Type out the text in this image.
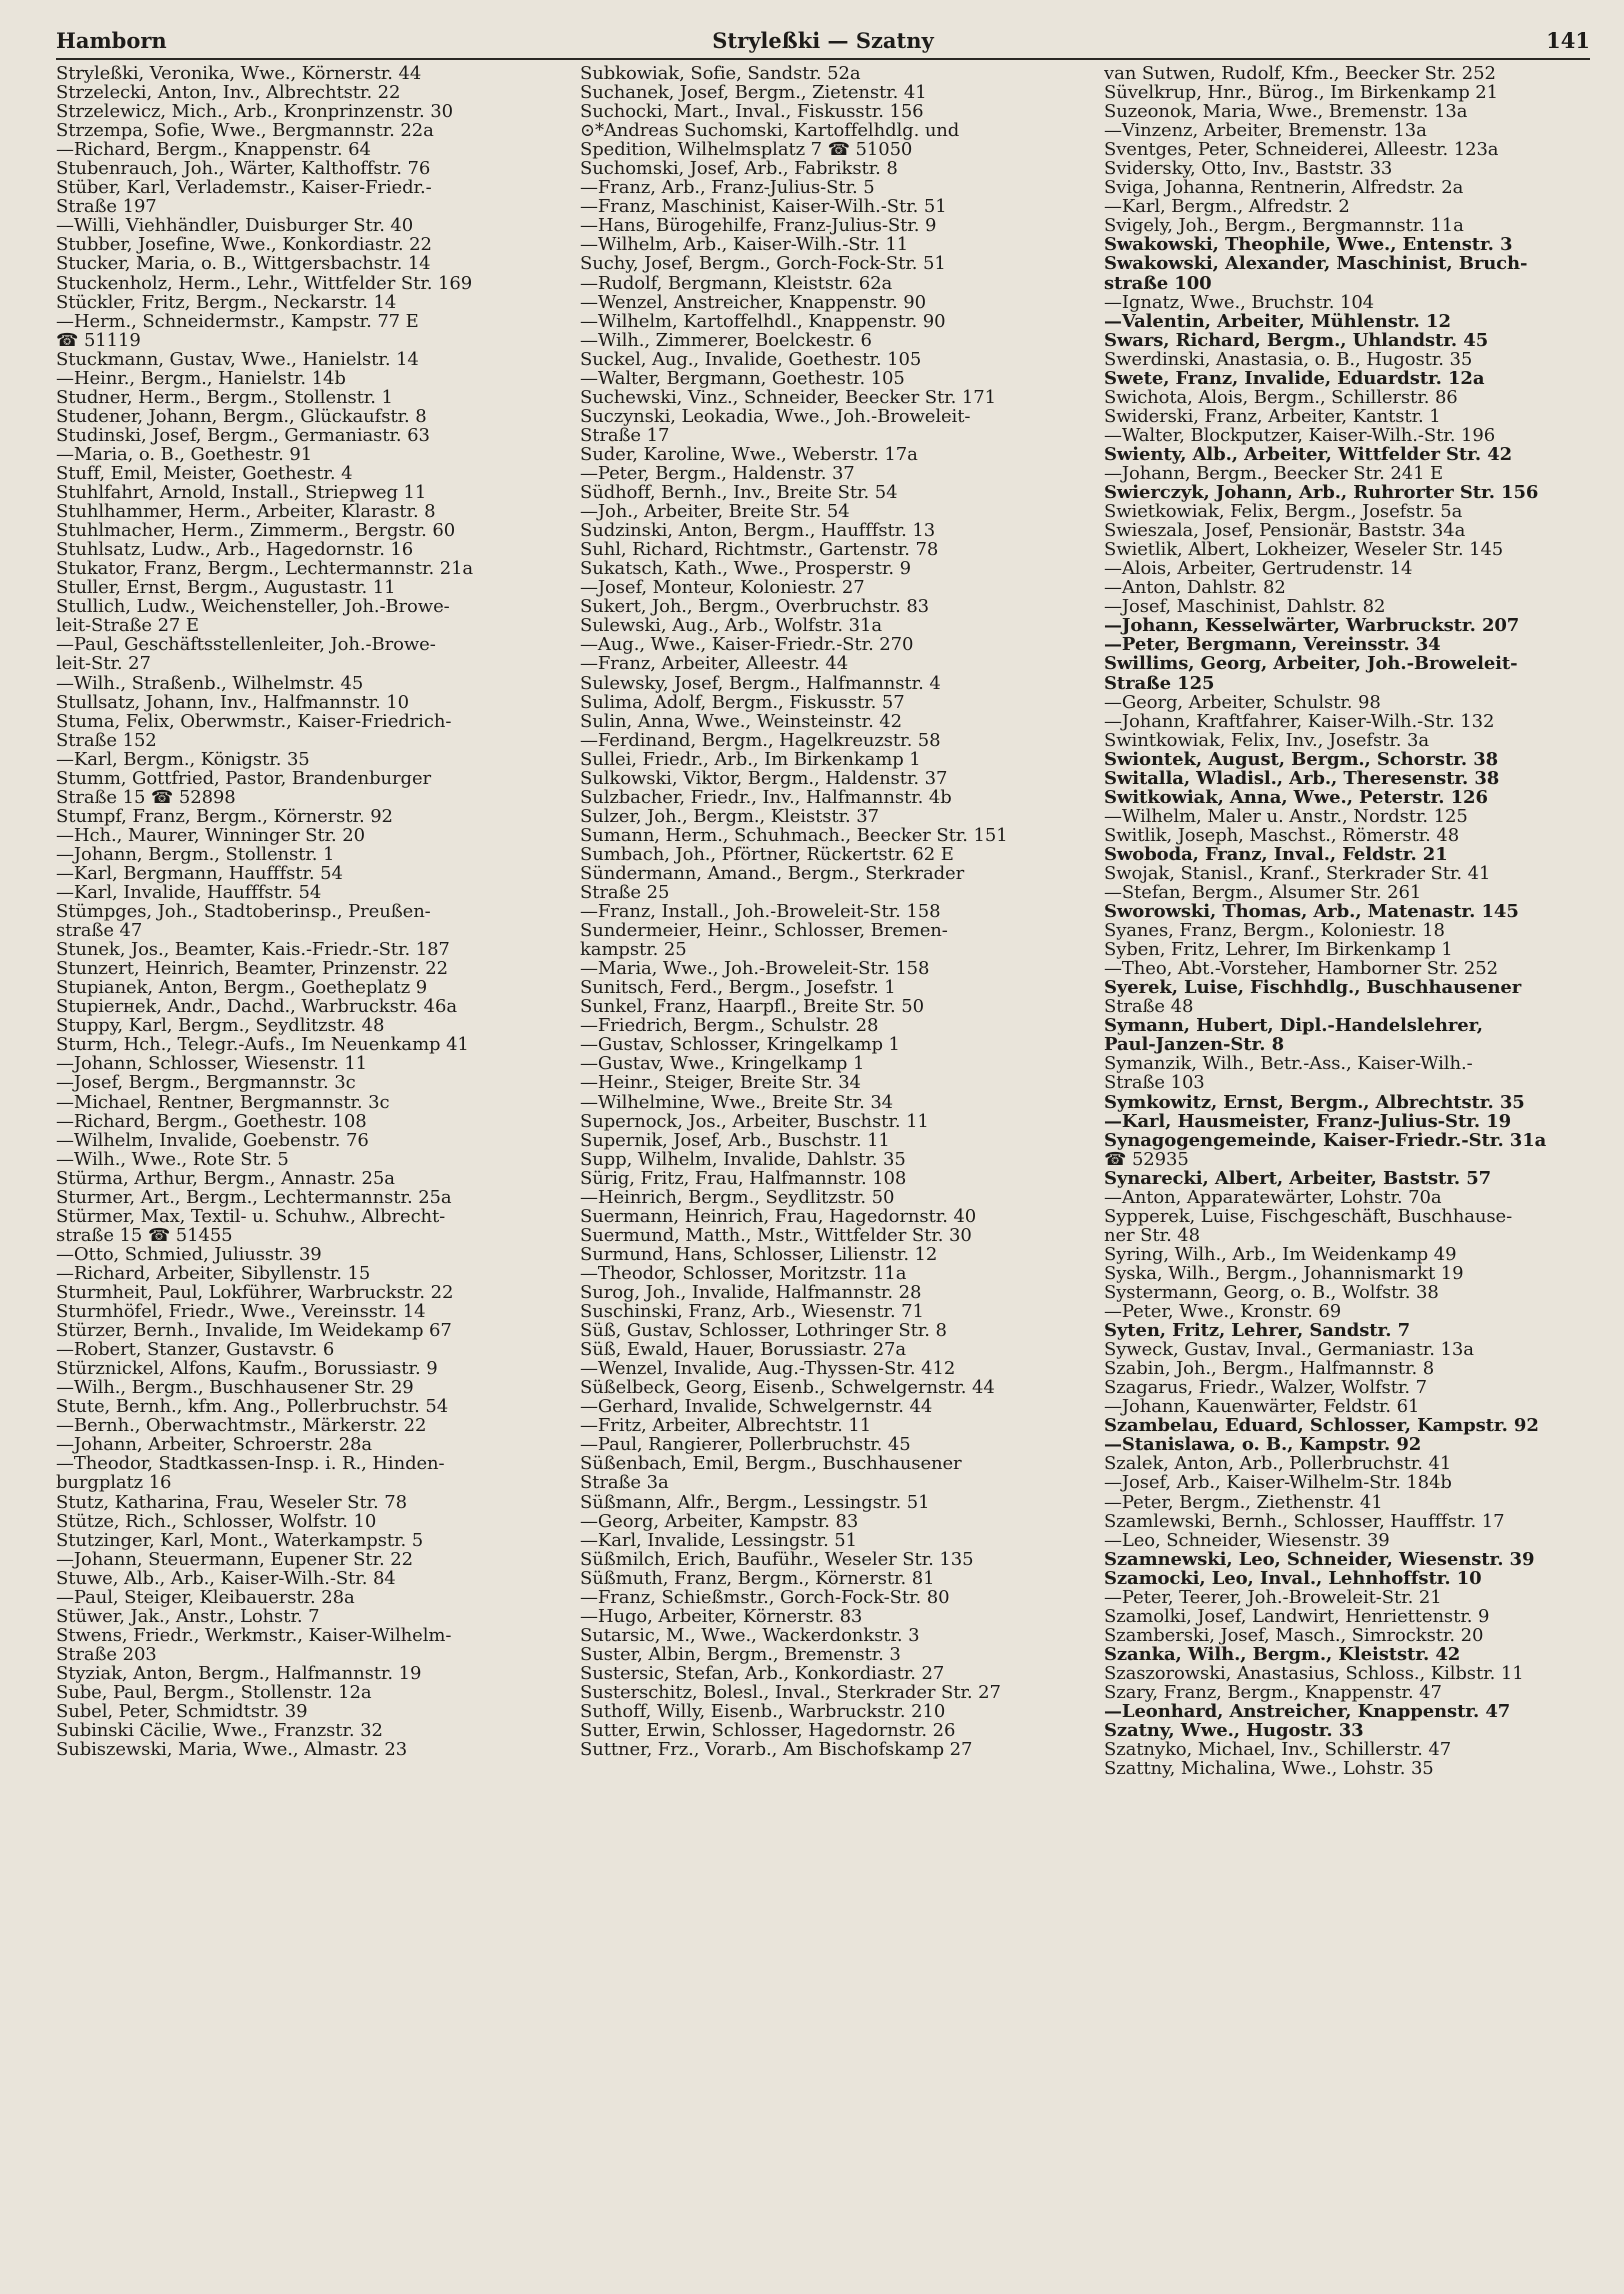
Hamborn	Stryleßki — Szatny	141
Stryleßki, Veronika, Wwe., Körnerstr. 44
Strzelecki, Anton, Inv., Albrechtstr. 22
Strzelewicz, Mich., Arb., Kronprinzenstr. 30
Strzempa, Sofie, Wwe., Bergmannstr. 22a
—Richard, Bergm., Knappenstr. 64
Stubenrauch, Joh., Wärter, Kalthoffstr. 76
Stüber, Karl, Verlademstr., Kaiser-Friedr.-
Straße 197
—Willi, Viehhändler, Duisburger Str. 40
Stubber, Josefine, Wwe., Konkordiastr. 22
Stucker, Maria, o. B., Wittgersbachstr. 14
Stuckenholz, Herm., Lehr., Wittfelder Str. 169
Stückler, Fritz, Bergm., Neckarstr. 14
—Herm., Schneidermstr., Kampstr. 77 E
☎ 51119
Stuckmann, Gustav, Wwe., Hanielstr. 14
—Heinr., Bergm., Hanielstr. 14b
Studner, Herm., Bergm., Stollenstr. 1
Studener, Johann, Bergm., Glückaufstr. 8
Studinski, Josef, Bergm., Germaniastr. 63
—Maria, o. B., Goethestr. 91
Stuff, Emil, Meister, Goethestr. 4
Stuhlfahrt, Arnold, Install., Striepweg 11
Stuhlhammer, Herm., Arbeiter, Klarastr. 8
Stuhlmacher, Herm., Zimmerm., Bergstr. 60
Stuhlsatz, Ludw., Arb., Hagedornstr. 16
Stukator, Franz, Bergm., Lechtermannstr. 21a
Stuller, Ernst, Bergm., Augustastr. 11
Stullich, Ludw., Weichensteller, Joh.-Browe-
leit-Straße 27 E
—Paul, Geschäftsstellenleiter, Joh.-Browe-
leit-Str. 27
—Wilh., Straßenb., Wilhelmstr. 45
Stullsatz, Johann, Inv., Halfmannstr. 10
Stuma, Felix, Oberwmstr., Kaiser-Friedrich-
Straße 152
—Karl, Bergm., Königstr. 35
Stumm, Gottfried, Pastor, Brandenburger
Straße 15 ☎ 52898
Stumpf, Franz, Bergm., Körnerstr. 92
—Hch., Maurer, Winninger Str. 20
—Johann, Bergm., Stollenstr. 1
—Karl, Bergmann, Haufffstr. 54
—Karl, Invalide, Haufffstr. 54
Stümpges, Joh., Stadtoberinsp., Preußen-
straße 47
Stunek, Jos., Beamter, Kais.-Friedr.-Str. 187
Stunzert, Heinrich, Beamter, Prinzenstr. 22
Stupianek, Anton, Bergm., Goetheplatz 9
Stupierнek, Andr., Dachd., Warbruckstr. 46a
Stuppy, Karl, Bergm., Seydlitzstr. 48
Sturm, Hch., Telegr.-Aufs., Im Neuenkamp 41
—Johann, Schlosser, Wiesenstr. 11
—Josef, Bergm., Bergmannstr. 3c
—Michael, Rentner, Bergmannstr. 3c
—Richard, Bergm., Goethestr. 108
—Wilhelm, Invalide, Goebenstr. 76
—Wilh., Wwe., Rote Str. 5
Stürma, Arthur, Bergm., Annastr. 25a
Sturmer, Art., Bergm., Lechtermannstr. 25a
Stürmer, Max, Textil- u. Schuhw., Albrecht-
straße 15 ☎ 51455
—Otto, Schmied, Juliusstr. 39
—Richard, Arbeiter, Sibyllenstr. 15
Sturmheit, Paul, Lokführer, Warbruckstr. 22
Sturmhöfel, Friedr., Wwe., Vereinsstr. 14
Stürzer, Bernh., Invalide, Im Weidekamp 67
—Robert, Stanzer, Gustavstr. 6
Stürznickel, Alfons, Kaufm., Borussiastr. 9
—Wilh., Bergm., Buschhausener Str. 29
Stute, Bernh., kfm. Ang., Pollerbruchstr. 54
—Bernh., Oberwachtmstr., Märkerstr. 22
—Johann, Arbeiter, Schroerstr. 28a
—Theodor, Stadtkassen-Insp. i. R., Hinden-
burgplatz 16
Stutz, Katharina, Frau, Weseler Str. 78
Stütze, Rich., Schlosser, Wolfstr. 10
Stutzinger, Karl, Mont., Waterkampstr. 5
—Johann, Steuermann, Eupener Str. 22
Stuwe, Alb., Arb., Kaiser-Wilh.-Str. 84
—Paul, Steiger, Kleibauerstr. 28a
Stüwer, Jak., Anstr., Lohstr. 7
Stwens, Friedr., Werkmstr., Kaiser-Wilhelm-
Straße 203
Styziak, Anton, Bergm., Halfmannstr. 19
Sube, Paul, Bergm., Stollenstr. 12a
Subel, Peter, Schmidtstr. 39
Subinski Cäcilie, Wwe., Franzstr. 32
Subiszewski, Maria, Wwe., Almastr. 23
Subkowiak, Sofie, Sandstr. 52a
Suchanek, Josef, Bergm., Zietenstr. 41
Suchocki, Mart., Inval., Fiskusstr. 156
⊙*Andreas Suchomski, Kartoffelhdlg. und
Spedition, Wilhelmsplatz 7 ☎ 51050
Suchomski, Josef, Arb., Fabrikstr. 8
—Franz, Arb., Franz-Julius-Str. 5
—Franz, Maschinist, Kaiser-Wilh.-Str. 51
—Hans, Bürogehilfe, Franz-Julius-Str. 9
—Wilhelm, Arb., Kaiser-Wilh.-Str. 11
Suchy, Josef, Bergm., Gorch-Fock-Str. 51
—Rudolf, Bergmann, Kleiststr. 62a
—Wenzel, Anstreicher, Knappenstr. 90
—Wilhelm, Kartoffelhdl., Knappenstr. 90
—Wilh., Zimmerer, Boelckestr. 6
Suckel, Aug., Invalide, Goethestr. 105
—Walter, Bergmann, Goethestr. 105
Suchewski, Vinz., Schneider, Beecker Str. 171
Suczynski, Leokadia, Wwe., Joh.-Broweleit-
Straße 17
Suder, Karoline, Wwe., Weberstr. 17a
—Peter, Bergm., Haldenstr. 37
Südhoff, Bernh., Inv., Breite Str. 54
—Joh., Arbeiter, Breite Str. 54
Sudzinski, Anton, Bergm., Haufffstr. 13
Suhl, Richard, Richtmstr., Gartenstr. 78
Sukatsch, Kath., Wwe., Prosperstr. 9
—Josef, Monteur, Koloniestr. 27
Sukert, Joh., Bergm., Overbruchstr. 83
Sulewski, Aug., Arb., Wolfstr. 31a
—Aug., Wwe., Kaiser-Friedr.-Str. 270
—Franz, Arbeiter, Alleestr. 44
Sulewsky, Josef, Bergm., Halfmannstr. 4
Sulima, Adolf, Bergm., Fiskusstr. 57
Sulin, Anna, Wwe., Weinsteinstr. 42
—Ferdinand, Bergm., Hagelkreuzstr. 58
Sullei, Friedr., Arb., Im Birkenkamp 1
Sulkowski, Viktor, Bergm., Haldenstr. 37
Sulzbacher, Friedr., Inv., Halfmannstr. 4b
Sulzer, Joh., Bergm., Kleiststr. 37
Sumann, Herm., Schuhmach., Beecker Str. 151
Sumbach, Joh., Pförtner, Rückertstr. 62 E
Sündermann, Amand., Bergm., Sterkrader
Straße 25
—Franz, Install., Joh.-Broweleit-Str. 158
Sundermeier, Heinr., Schlosser, Bremen-
kampstr. 25
—Maria, Wwe., Joh.-Broweleit-Str. 158
Sunitsch, Ferd., Bergm., Josefstr. 1
Sunkel, Franz, Haarpfl., Breite Str. 50
—Friedrich, Bergm., Schulstr. 28
—Gustav, Schlosser, Kringelkamp 1
—Gustav, Wwe., Kringelkamp 1
—Heinr., Steiger, Breite Str. 34
—Wilhelmine, Wwe., Breite Str. 34
Supernock, Jos., Arbeiter, Buschstr. 11
Supernik, Josef, Arb., Buschstr. 11
Supp, Wilhelm, Invalide, Dahlstr. 35
Sürig, Fritz, Frau, Halfmannstr. 108
—Heinrich, Bergm., Seydlitzstr. 50
Suermann, Heinrich, Frau, Hagedornstr. 40
Suermund, Matth., Mstr., Wittfelder Str. 30
Surmund, Hans, Schlosser, Lilienstr. 12
—Theodor, Schlosser, Moritzstr. 11a
Surog, Joh., Invalide, Halfmannstr. 28
Suschinski, Franz, Arb., Wiesenstr. 71
Süß, Gustav, Schlosser, Lothringer Str. 8
Süß, Ewald, Hauer, Borussiastr. 27a
—Wenzel, Invalide, Aug.-Thyssen-Str. 412
Süßelbeck, Georg, Eisenb., Schwelgernstr. 44
—Gerhard, Invalide, Schwelgernstr. 44
—Fritz, Arbeiter, Albrechtstr. 11
—Paul, Rangierer, Pollerbruchstr. 45
Süßenbach, Emil, Bergm., Buschhausener
Straße 3a
Süßmann, Alfr., Bergm., Lessingstr. 51
—Georg, Arbeiter, Kampstr. 83
—Karl, Invalide, Lessingstr. 51
Süßmilch, Erich, Bauführ., Weseler Str. 135
Süßmuth, Franz, Bergm., Körnerstr. 81
—Franz, Schießmstr., Gorch-Fock-Str. 80
—Hugo, Arbeiter, Körnerstr. 83
Sutarsic, M., Wwe., Wackerdonkstr. 3
Suster, Albin, Bergm., Bremenstr. 3
Sustersic, Stefan, Arb., Konkordiastr. 27
Susterschitz, Bolesl., Inval., Sterkrader Str. 27
Suthoff, Willy, Eisenb., Warbruckstr. 210
Sutter, Erwin, Schlosser, Hagedornstr. 26
Suttner, Frz., Vorarb., Am Bischofskamp 27
van Sutwen, Rudolf, Kfm., Beecker Str. 252
Süvelkrup, Hnr., Bürog., Im Birkenkamp 21
Suzeonok, Maria, Wwe., Bremenstr. 13a
—Vinzenz, Arbeiter, Bremenstr. 13a
Sventges, Peter, Schneiderei, Alleestr. 123a
Svidersky, Otto, Inv., Baststr. 33
Sviga, Johanna, Rentnerin, Alfredstr. 2a
—Karl, Bergm., Alfredstr. 2
Svigely, Joh., Bergm., Bergmannstr. 11a
Swakowski, Theophile, Wwe., Entenstr. 3
Swakowski, Alexander, Maschinist, Bruch-
straße 100
—Ignatz, Wwe., Bruchstr. 104
—Valentin, Arbeiter, Mühlenstr. 12
Swars, Richard, Bergm., Uhlandstr. 45
Swerdinski, Anastasia, o. B., Hugostr. 35
Swete, Franz, Invalide, Eduardstr. 12a
Swichota, Alois, Bergm., Schillerstr. 86
Swiderski, Franz, Arbeiter, Kantstr. 1
—Walter, Blockputzer, Kaiser-Wilh.-Str. 196
Swienty, Alb., Arbeiter, Wittfelder Str. 42
—Johann, Bergm., Beecker Str. 241 E
Swierczyk, Johann, Arb., Ruhrorter Str. 156
Swietkowiak, Felix, Bergm., Josefstr. 5a
Swieszala, Josef, Pensionär, Baststr. 34a
Swietlik, Albert, Lokheizer, Weseler Str. 145
—Alois, Arbeiter, Gertrudenstr. 14
—Anton, Dahlstr. 82
—Josef, Maschinist, Dahlstr. 82
—Johann, Kesselwärter, Warbruckstr. 207
—Peter, Bergmann, Vereinsstr. 34
Swillims, Georg, Arbeiter, Joh.-Broweleit-
Straße 125
—Georg, Arbeiter, Schulstr. 98
—Johann, Kraftfahrer, Kaiser-Wilh.-Str. 132
Swintkowiak, Felix, Inv., Josefstr. 3a
Swiontek, August, Bergm., Schorstr. 38
Switalla, Wladisl., Arb., Theresenstr. 38
Switkowiak, Anna, Wwe., Peterstr. 126
—Wilhelm, Maler u. Anstr., Nordstr. 125
Switlik, Joseph, Maschst., Römerstr. 48
Swoboda, Franz, Inval., Feldstr. 21
Swojak, Stanisl., Kranf., Sterkrader Str. 41
—Stefan, Bergm., Alsumer Str. 261
Sworowski, Thomas, Arb., Matenastr. 145
Syanes, Franz, Bergm., Koloniestr. 18
Syben, Fritz, Lehrer, Im Birkenkamp 1
—Theo, Abt.-Vorsteher, Hamborner Str. 252
Syerek, Luise, Fischhdlg., Buschhausener
Straße 48
Symann, Hubert, Dipl.-Handelslehrer,
Paul-Janzen-Str. 8
Symanzik, Wilh., Betr.-Ass., Kaiser-Wilh.-
Straße 103
Symkowitz, Ernst, Bergm., Albrechtstr. 35
—Karl, Hausmeister, Franz-Julius-Str. 19
Synagogengemeinde, Kaiser-Friedr.-Str. 31a
☎ 52935
Synarecki, Albert, Arbeiter, Baststr. 57
—Anton, Apparatewärter, Lohstr. 70a
Sypperek, Luise, Fischgeschäft, Buschhause-
ner Str. 48
Syring, Wilh., Arb., Im Weidenkamp 49
Syska, Wilh., Bergm., Johannismarkt 19
Systermann, Georg, o. B., Wolfstr. 38
—Peter, Wwe., Kronstr. 69
Syten, Fritz, Lehrer, Sandstr. 7
Syweck, Gustav, Inval., Germaniastr. 13a
Szabin, Joh., Bergm., Halfmannstr. 8
Szagarus, Friedr., Walzer, Wolfstr. 7
—Johann, Kauenwärter, Feldstr. 61
Szambelau, Eduard, Schlosser, Kampstr. 92
—Stanislawa, o. B., Kampstr. 92
Szalek, Anton, Arb., Pollerbruchstr. 41
—Josef, Arb., Kaiser-Wilhelm-Str. 184b
—Peter, Bergm., Ziethenstr. 41
Szamlewski, Bernh., Schlosser, Haufffstr. 17
—Leo, Schneider, Wiesenstr. 39
Szamnewski, Leo, Schneider, Wiesenstr. 39
Szamocki, Leo, Inval., Lehnhoffstr. 10
—Peter, Teerer, Joh.-Broweleit-Str. 21
Szamolki, Josef, Landwirt, Henriettenstr. 9
Szamberski, Josef, Masch., Simrockstr. 20
Szanka, Wilh., Bergm., Kleiststr. 42
Szaszorowski, Anastasius, Schloss., Kilbstr. 11
Szary, Franz, Bergm., Knappenstr. 47
—Leonhard, Anstreicher, Knappenstr. 47
Szatny, Wwe., Hugostr. 33
Szatnyko, Michael, Inv., Schillerstr. 47
Szattny, Michalina, Wwe., Lohstr. 35
